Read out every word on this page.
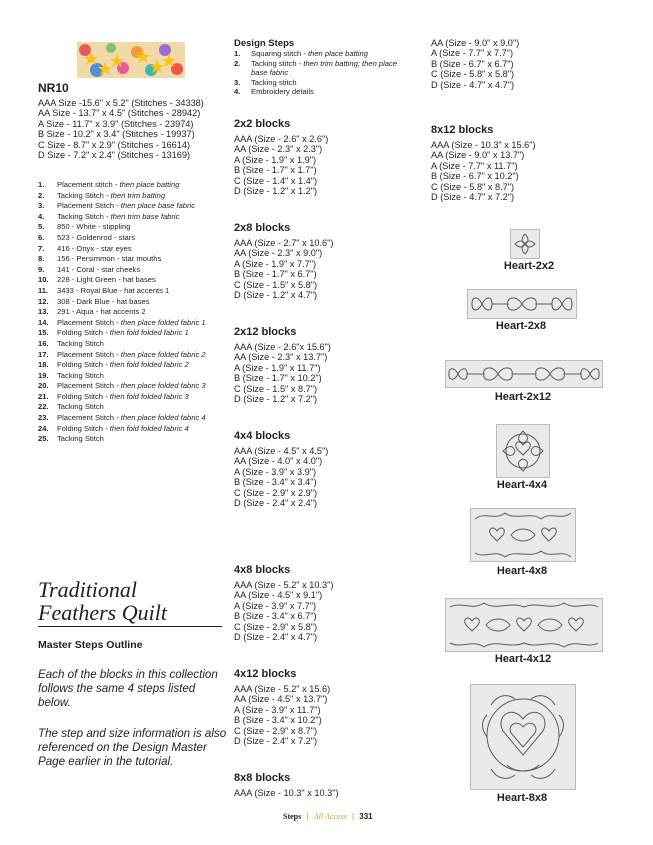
NR10
AAA Size -15.6" x 5.2" (Stitches - 34338)
AA Size - 13.7" x 4.5" (Stitches - 28942)
A Size - 11.7" x 3.9" (Stitches - 23974)
B Size - 10.2" x 3.4" (Stitches - 19937)
C Size - 8.7" x 2.9" (Stitches - 16614)
D Size - 7.2" x 2.4" (Stitches - 13169)
1.	Placement stitch - then place batting
2.	Tacking Stitch - then trim batting
3.	Placement Stitch - then place base fabric
4.	Tacking Stitch - then trim base fabric
5.	850 - White - stippling
6.	523 - Goldenrod - stars
7.	416 - Onyx - star eyes
8.	156 - Persimmon - star mouths
9.	141 - Coral - star cheeks
10.	228 - Light Green - hat bases
11.	3433 - Royal Blue - hat accents 1
12.	308 - Dark Blue - hat bases
13.	291 - Aqua - hat accents 2
14.	Placement Stitch - then place folded fabric 1
15.	Folding Stitch - then fold folded fabric 1
16.	Tacking Stitch
17.	Placement Stitch - then place folded fabric 2
18.	Folding Stitch - then fold folded fabric 2
19.	Tacking Stitch
20.	Placement Stitch - then place folded fabric 3
21.	Folding Stitch - then fold folded fabric 3
22.	Tacking Stitch
23.	Placement Stitch - then place folded fabric 4
24.	Folding Stitch - then fold folded fabric 4
25.	Tacking Stitch
Traditional
Feathers Quilt
Master Steps Outline
Each of the blocks in this collection follows the same 4 steps listed below.
The step and size information is also referenced on the Design Master Page earlier in the tutorial.
Design Steps
1.	Squaring stitch - then place batting
2.	Tacking stitch - then trim batting; then place base fabric
3.	Tacking stitch
4.	Embroidery details
2x2 blocks
AAA (Size - 2.6" x 2.6")
AA (Size - 2.3" x 2.3")
A (Size - 1.9" x 1.9")
B (Size - 1.7" x 1.7")
C (Size - 1.4" x 1.4")
D (Size - 1.2" x 1.2")
2x8 blocks
AAA (Size - 2.7" x 10.6")
AA (Size - 2.3" x 9.0")
A (Size - 1.9" x 7.7")
B (Size - 1.7" x 6.7")
C (Size - 1.5" x 5.8")
D (Size - 1.2" x 4.7")
2x12 blocks
AAA (Size - 2.6"x 15.6")
AA (Size - 2.3" x 13.7")
A (Size - 1.9" x 11.7")
B (Size - 1.7" x 10.2")
C (Size - 1.5" x 8.7")
D (Size - 1.2" x 7.2")
4x4 blocks
AAA (Size - 4.5" x 4.5")
AA (Size - 4.0" x 4.0")
A (Size - 3.9" x 3.9")
B (Size - 3.4" x 3.4")
C (Size - 2.9" x 2.9")
D (Size - 2.4" x 2.4")
4x8 blocks
AAA (Size - 5.2" x 10.3")
AA (Size - 4.5" x 9.1")
A (Size - 3.9" x 7.7")
B (Size - 3.4" x 6.7")
C (Size - 2.9" x 5.8")
D (Size - 2.4" x 4.7")
4x12 blocks
AAA (Size - 5.2" x 15.6)
AA (Size - 4.5" x 13.7")
A (Size - 3.9" x 11.7")
B (Size - 3.4" x 10.2")
C (Size - 2.9" x 8.7")
D (Size - 2.4" x 7.2")
8x8 blocks
AAA (Size - 10.3" x 10.3")
AA (Size - 9.0" x 9.0")
A (Size - 7.7" x 7.7")
B (Size - 6.7" x 6.7")
C (Size - 5.8" x 5.8")
D (Size - 4.7" x 4.7")
8x12 blocks
AAA (Size - 10.3" x 15.6")
AA (Size - 9.0" x 13.7")
A (Size - 7.7" x 11.7")
B (Size - 6.7" x 10.2")
C (Size - 5.8" x 8.7")
D (Size - 4.7" x 7.2")
Heart-2x2
Heart-2x8
Heart-2x12
Heart-4x4
Heart-4x8
Heart-4x12
Heart-8x8
Steps | All Access | 331
